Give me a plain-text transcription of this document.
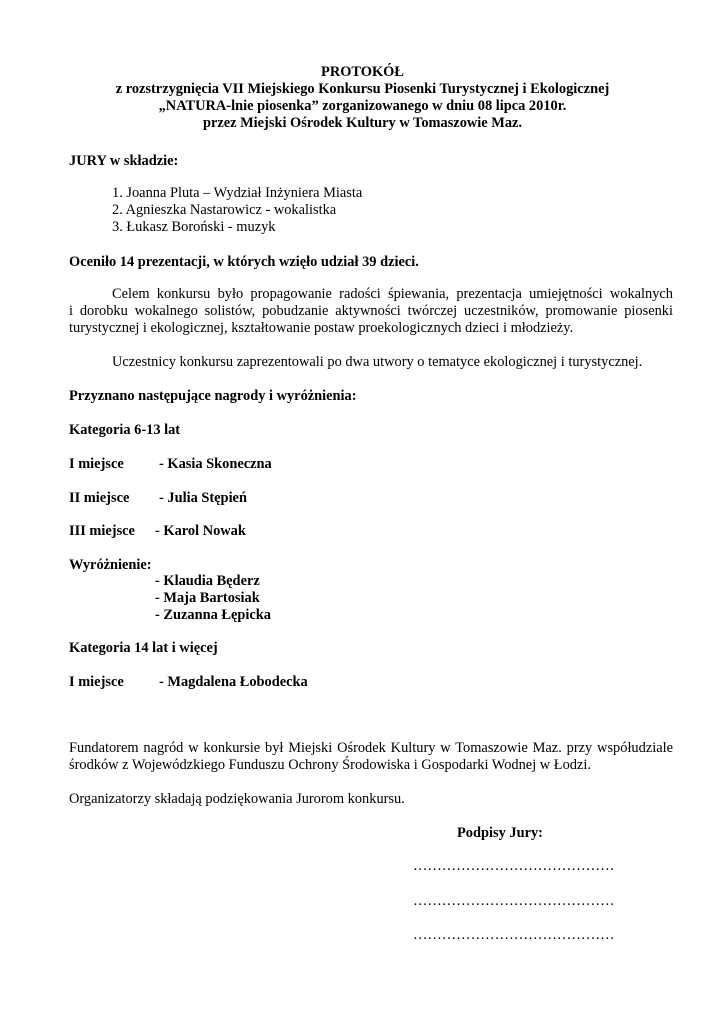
PROTOKÓŁ
z rozstrzygnięcia VII Miejskiego Konkursu Piosenki Turystycznej i Ekologicznej
„NATURA-lnie piosenka” zorganizowanego w dniu 08 lipca 2010r.
przez Miejski Ośrodek Kultury w Tomaszowie Maz.
JURY w składzie:
1. Joanna Pluta – Wydział Inżyniera Miasta
2. Agnieszka Nastarowicz - wokalistka
3. Łukasz Boroński - muzyk
Oceniło 14 prezentacji, w których wzięło udział 39 dzieci.
Celem konkursu było propagowanie radości śpiewania, prezentacja umiejętności wokalnych
i dorobku wokalnego solistów, pobudzanie aktywności twórczej uczestników, promowanie piosenki
turystycznej i ekologicznej, kształtowanie postaw proekologicznych dzieci i młodzieży.
Uczestnicy konkursu zaprezentowali po dwa utwory o tematyce ekologicznej i turystycznej.
Przyznano następujące nagrody i wyróżnienia:
Kategoria 6-13 lat
I miejsce - Kasia Skoneczna
II miejsce - Julia Stępień
III miejsce - Karol Nowak
Wyróżnienie:
- Klaudia Będerz
- Maja Bartosiak
- Zuzanna Łępicka
Kategoria 14 lat i więcej
I miejsce - Magdalena Łobodecka
Fundatorem nagród w konkursie był Miejski Ośrodek Kultury w Tomaszowie Maz. przy współudziale
środków z Wojewódzkiego Funduszu Ochrony Środowiska i Gospodarki Wodnej w Łodzi.
Organizatorzy składają podziękowania Jurorom konkursu.
Podpisy Jury:
……………………………………
……………………………………
……………………………………
